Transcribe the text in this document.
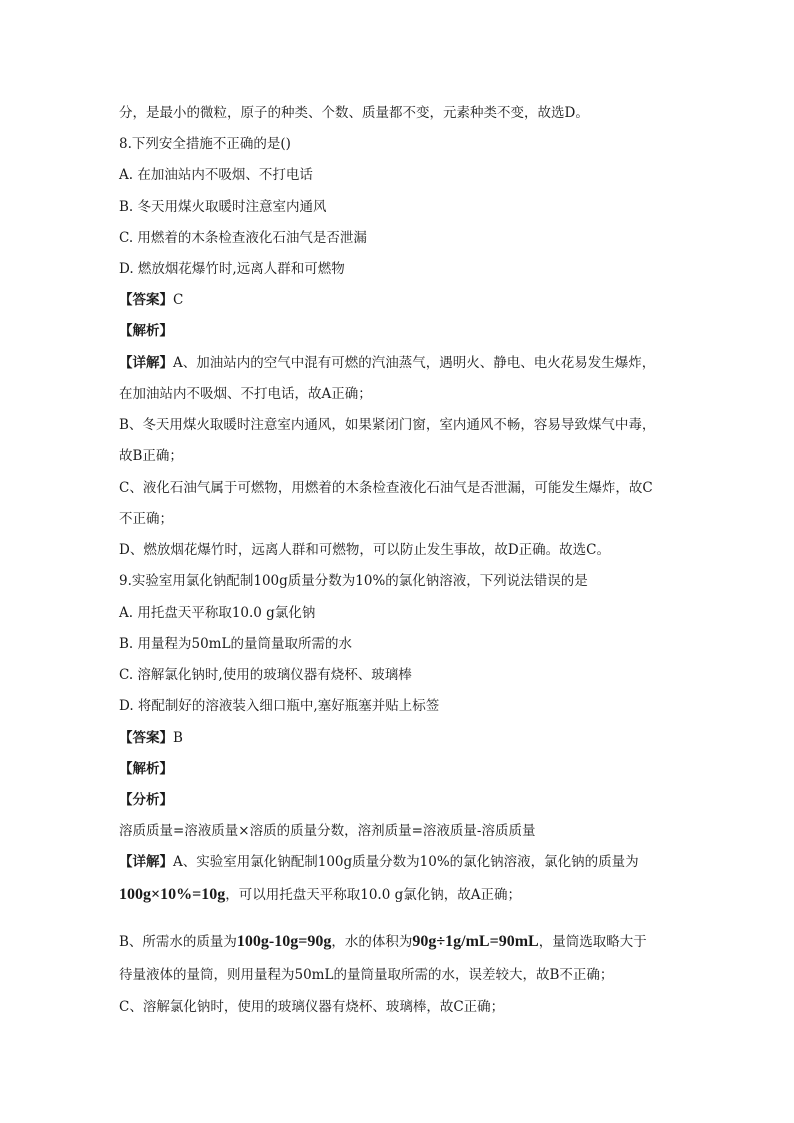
分，是最小的微粒，原子的种类、个数、质量都不变，元素种类不变，故选D。
8.下列安全措施不正确的是()
A. 在加油站内不吸烟、不打电话
B. 冬天用煤火取暖时注意室内通风
C. 用燃着的木条检查液化石油气是否泄漏
D. 燃放烟花爆竹时,远离人群和可燃物
【答案】C
【解析】
【详解】A、加油站内的空气中混有可燃的汽油蒸气，遇明火、静电、电火花易发生爆炸，
在加油站内不吸烟、不打电话，故A正确；
B、冬天用煤火取暖时注意室内通风，如果紧闭门窗，室内通风不畅，容易导致煤气中毒，
故B正确；
C、液化石油气属于可燃物，用燃着的木条检查液化石油气是否泄漏，可能发生爆炸，故C
不正确；
D、燃放烟花爆竹时，远离人群和可燃物，可以防止发生事故，故D正确。故选C。
9.实验室用氯化钠配制100g质量分数为10%的氯化钠溶液，下列说法错误的是
A. 用托盘天平称取10.0 g氯化钠
B. 用量程为50mL的量筒量取所需的水
C. 溶解氯化钠时,使用的玻璃仪器有烧杯、玻璃棒
D. 将配制好的溶液装入细口瓶中,塞好瓶塞并贴上标签
【答案】B
【解析】
【分析】
溶质质量=溶液质量×溶质的质量分数，溶剂质量=溶液质量-溶质质量
【详解】A、实验室用氯化钠配制100g质量分数为10%的氯化钠溶液，氯化钠的质量为
100g×10%=10g，可以用托盘天平称取10.0 g氯化钠，故A正确；
B、所需水的质量为100g-10g=90g，水的体积为90g÷1g/mL=90mL，量筒选取略大于
待量液体的量筒，则用量程为50mL的量筒量取所需的水，误差较大，故B不正确；
C、溶解氯化钠时，使用的玻璃仪器有烧杯、玻璃棒，故C正确；
